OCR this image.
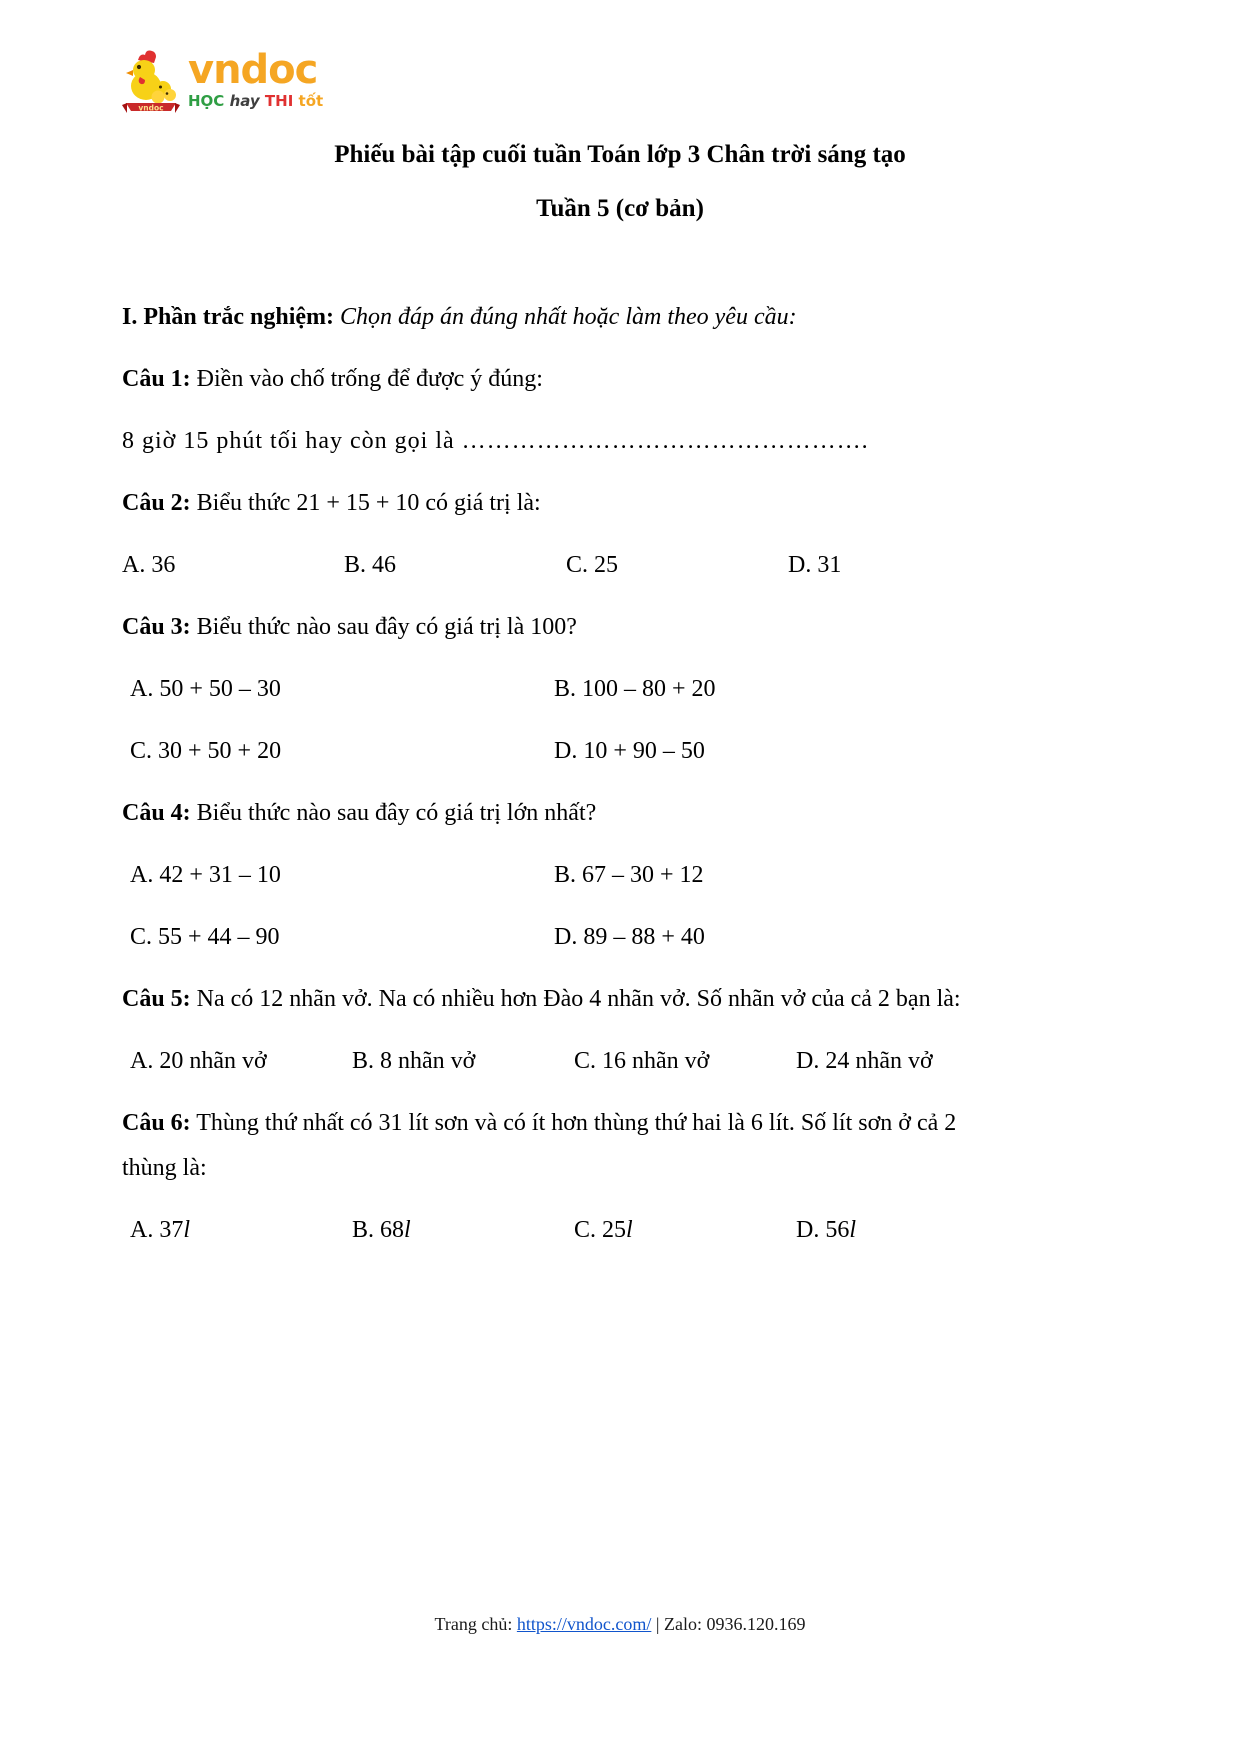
vndoc
vndoc
HỌC hay THI tốt
Phiếu bài tập cuối tuần Toán lớp 3 Chân trời sáng tạo
Tuần 5 (cơ bản)

I. Phần trắc nghiệm: Chọn đáp án đúng nhất hoặc làm theo yêu cầu:

Câu 1: Điền vào chố trống để được ý đúng:

8 giờ 15 phút tối hay còn gọi là ………………………………………….

Câu 2: Biểu thức 21 + 15 + 10 có giá trị là:

A. 36	B. 46	C. 25	D. 31

Câu 3: Biểu thức nào sau đây có giá trị là 100?

A. 50 + 50 – 30	B. 100 – 80 + 20
C. 30 + 50 + 20	D. 10 + 90 – 50

Câu 4: Biểu thức nào sau đây có giá trị lớn nhất?

A. 42 + 31 – 10	B. 67 – 30 + 12
C. 55 + 44 – 90	D. 89 – 88 + 40

Câu 5: Na có 12 nhãn vở. Na có nhiều hơn Đào 4 nhãn vở. Số nhãn vở của cả 2 bạn là:

A. 20 nhãn vở	B. 8 nhãn vở	C. 16 nhãn vở	D. 24 nhãn vở

Câu 6: Thùng thứ nhất có 31 lít sơn và có ít hơn thùng thứ hai là 6 lít. Số lít sơn ở cả 2 thùng là:

A. 37l	B. 68l	C. 25l	D. 56l
Trang chủ: https://vndoc.com/ | Zalo: 0936.120.169
